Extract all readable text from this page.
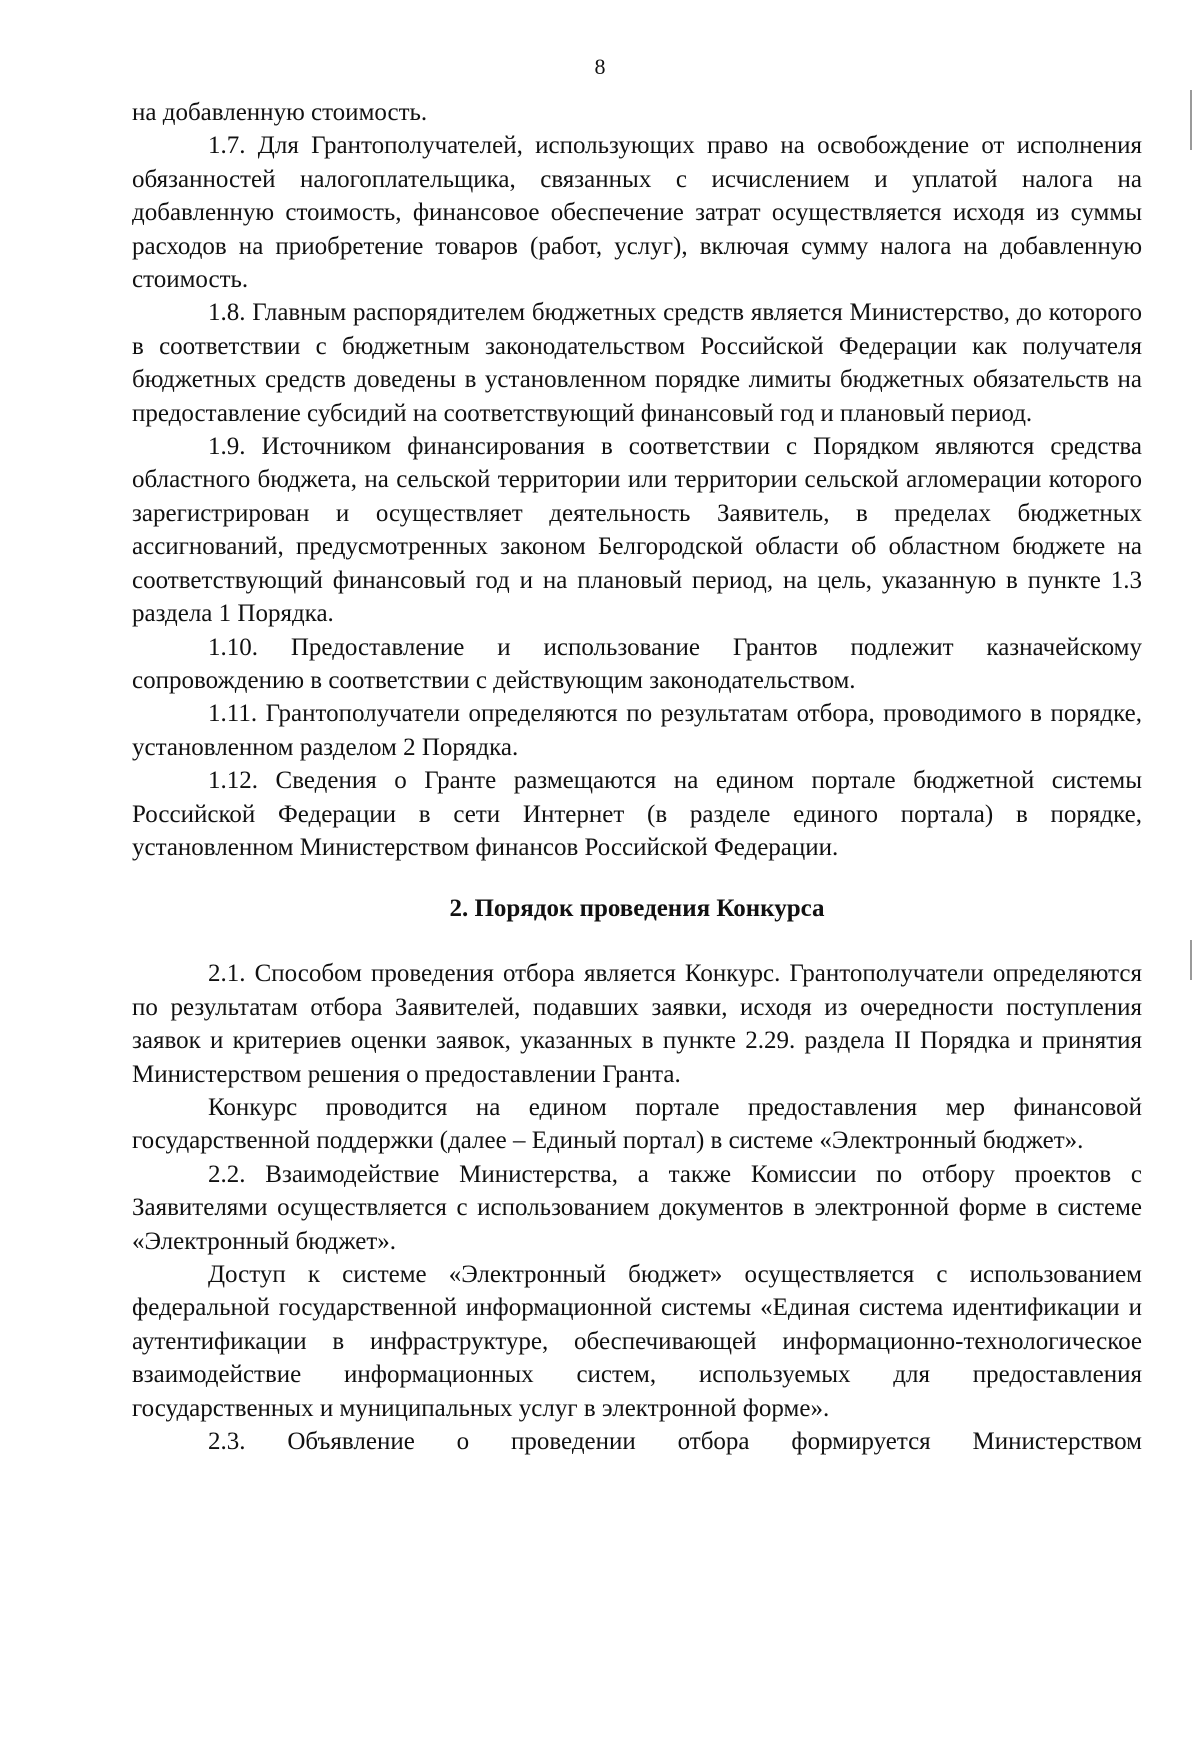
8

на добавленную стоимость.

1.7. Для Грантополучателей, использующих право на освобождение от исполнения обязанностей налогоплательщика, связанных с исчислением и уплатой налога на добавленную стоимость, финансовое обеспечение затрат осуществляется исходя из суммы расходов на приобретение товаров (работ, услуг), включая сумму налога на добавленную стоимость.

1.8. Главным распорядителем бюджетных средств является Министерство, до которого в соответствии с бюджетным законодательством Российской Федерации как получателя бюджетных средств доведены в установленном порядке лимиты бюджетных обязательств на предоставление субсидий на соответствующий финансовый год и плановый период.

1.9. Источником финансирования в соответствии с Порядком являются средства областного бюджета, на сельской территории или территории сельской агломерации которого зарегистрирован и осуществляет деятельность Заявитель, в пределах бюджетных ассигнований, предусмотренных законом Белгородской области об областном бюджете на соответствующий финансовый год и на плановый период, на цель, указанную в пункте 1.3 раздела 1 Порядка.

1.10. Предоставление и использование Грантов подлежит казначейскому сопровождению в соответствии с действующим законодательством.

1.11. Грантополучатели определяются по результатам отбора, проводимого в порядке, установленном разделом 2 Порядка.

1.12. Сведения о Гранте размещаются на едином портале бюджетной системы Российской Федерации в сети Интернет (в разделе единого портала) в порядке, установленном Министерством финансов Российской Федерации.

2. Порядок проведения Конкурса

2.1. Способом проведения отбора является Конкурс. Грантополучатели определяются по результатам отбора Заявителей, подавших заявки, исходя из очередности поступления заявок и критериев оценки заявок, указанных в пункте 2.29. раздела II Порядка и принятия Министерством решения о предоставлении Гранта.

Конкурс проводится на едином портале предоставления мер финансовой государственной поддержки (далее – Единый портал) в системе «Электронный бюджет».

2.2. Взаимодействие Министерства, а также Комиссии по отбору проектов с Заявителями осуществляется с использованием документов в электронной форме в системе «Электронный бюджет».

Доступ к системе «Электронный бюджет» осуществляется с использованием федеральной государственной информационной системы «Единая система идентификации и аутентификации в инфраструктуре, обеспечивающей информационно-технологическое взаимодействие информационных систем, используемых для предоставления государственных и муниципальных услуг в электронной форме».

2.3. Объявление о проведении отбора формируется Министерством
